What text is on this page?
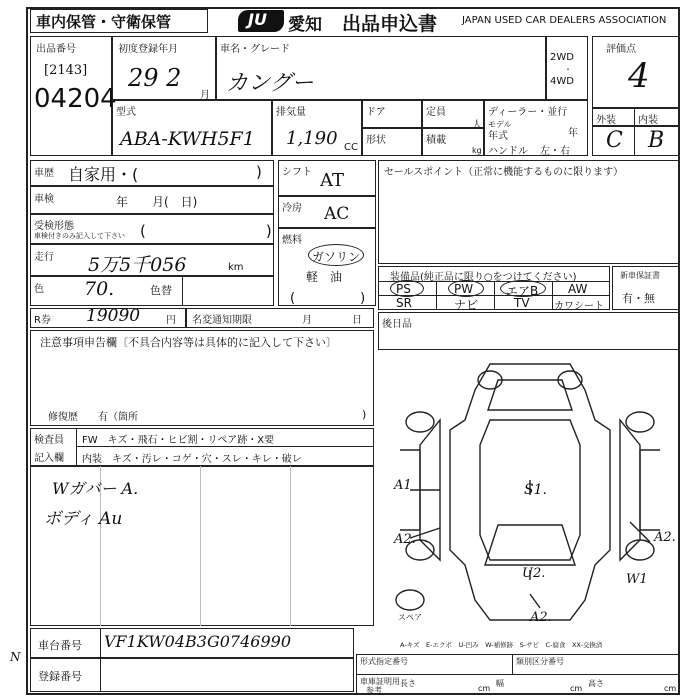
車内保管・守衛保管	JU 愛知 出品申込書 JAPAN USED CAR DEALERS ASSOCIATION
出品番号
[2143]
04204
初度登録年月
29 2
月
車名・グレード
カングー
2WD
・
4WD
評価点
4
型式
ABA-KWH5F1
排気量
1,190 CC
ドア	定員
人
形状	積載
kg
ディーラー・並行
モデル
年式	年
ハンドル 左・右
外装 内装
C B
車歴 自家用・(	)
車検	年　　月(　日)
受検形態
車検付きのみ記入して下さい (　　　　　　　　)
走行 5万5千056	km
色 70.	色替
シフト AT
冷房 AC
燃料
ガソリン
軽　油
(　　　　　)
セールスポイント（正常に機能するものに限ります）
装備品(純正品に限り○をつけてください)
PS	PW	エアB AW
SR	ナビ	TV カワシート
新車保証書
有・無
R券 19090	円 名変通知期限	月	日 後日品
注意事項申告欄〔不具合内容等は具体的に記入して下さい〕
修復歴　　有（箇所	)
検査員
記入欄
FW　キズ・飛石・ヒビ割・リペア跡・X要
内装　キズ・汚レ・コゲ・穴・スレ・キレ・破レ
Wガバー A.
ボディ Au
A1	S1.
A2.	A2.
U2.	W1
A2.
スペア
A-キズ　E-エクボ　U-凹み　W-補修跡　S-サビ　C-腐食　XX-交換済
車台番号 VF1KW04B3G0746990
登録番号
N	形式指定番号	類別区分番号
車庫証明用
参考
長さ
cm
幅
cm
高さ
cm
